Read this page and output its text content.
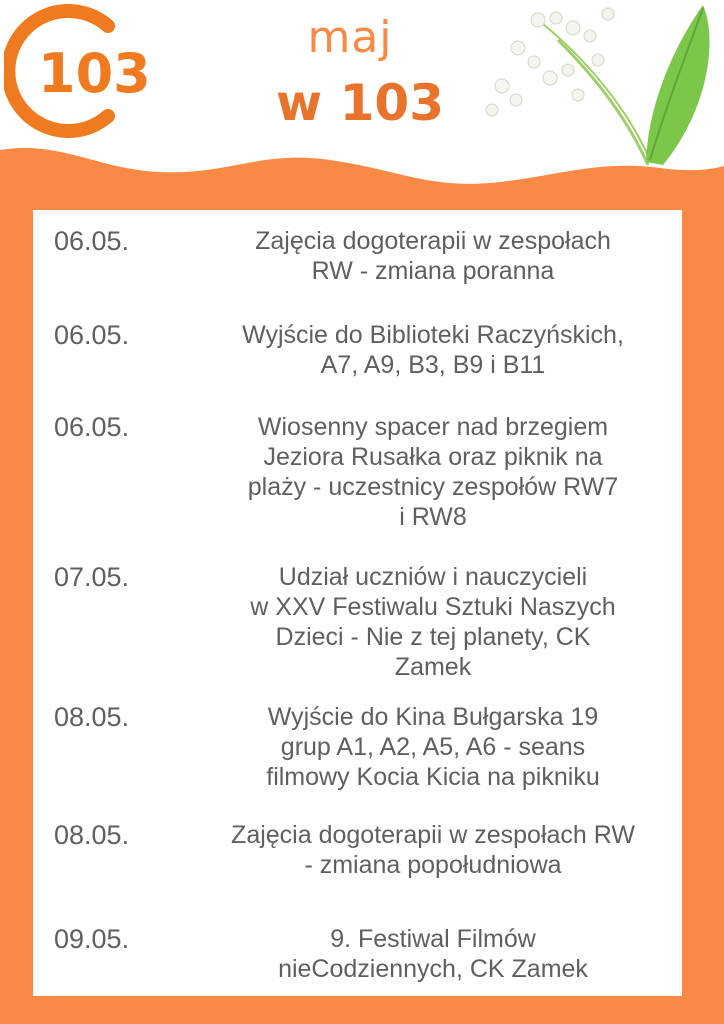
103
maj
w 103
06.05.	Zajęcia dogoterapii w zespołach
RW - zmiana poranna
06.05.	Wyjście do Biblioteki Raczyńskich,
A7, A9, B3, B9 i B11
06.05.	Wiosenny spacer nad brzegiem
Jeziora Rusałka oraz piknik na
plaży - uczestnicy zespołów RW7
i RW8
07.05.	Udział uczniów i nauczycieli
w XXV Festiwalu Sztuki Naszych
Dzieci - Nie z tej planety, CK
Zamek
08.05.	Wyjście do Kina Bułgarska 19
grup A1, A2, A5, A6 - seans
filmowy Kocia Kicia na pikniku
08.05.	Zajęcia dogoterapii w zespołach RW
- zmiana popołudniowa
09.05.	9. Festiwal Filmów
nieCodziennych, CK Zamek
